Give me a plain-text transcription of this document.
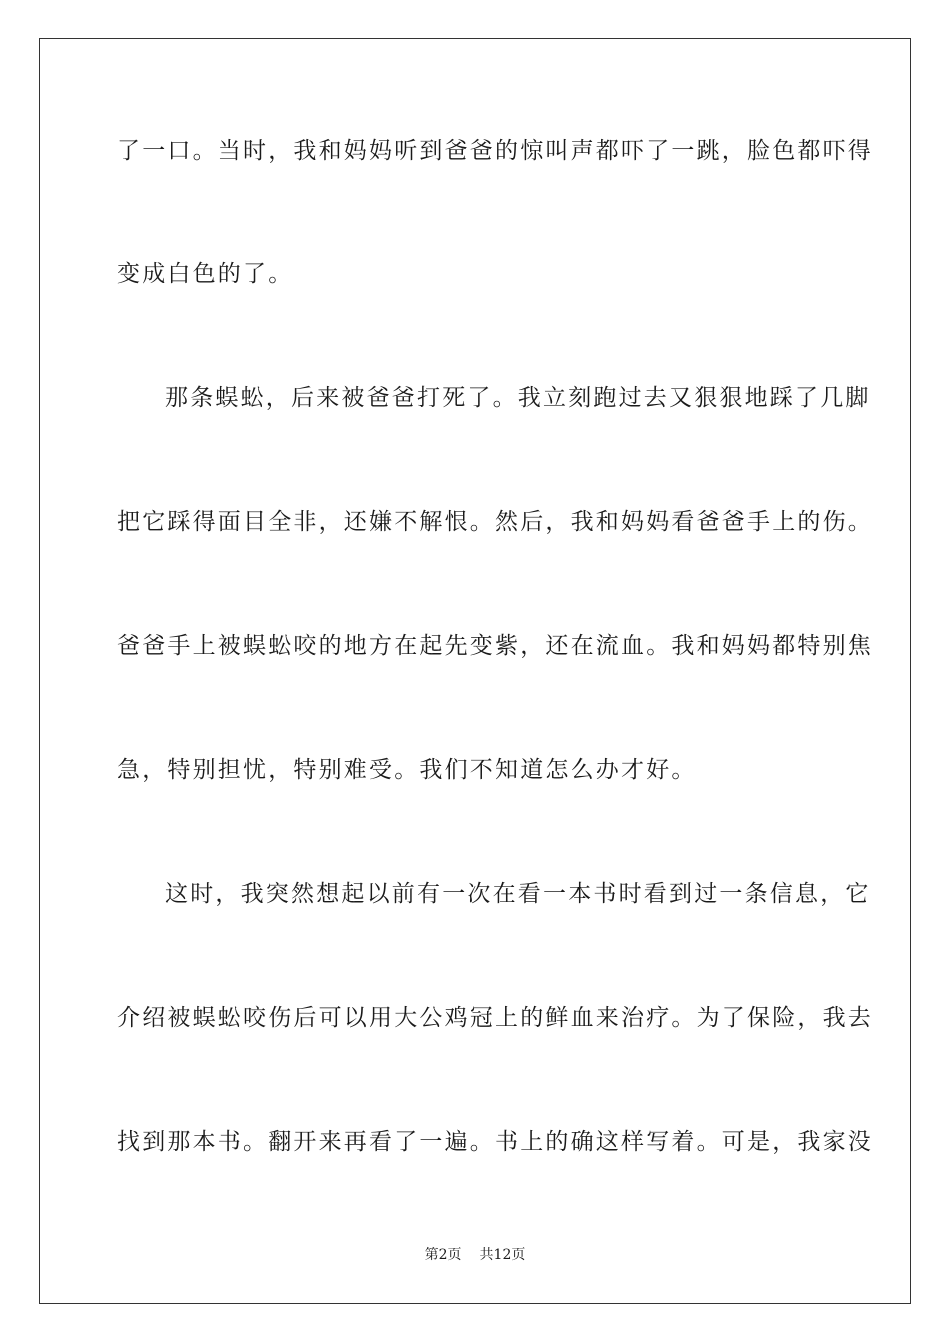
了一口。当时，我和妈妈听到爸爸的惊叫声都吓了一跳，脸色都吓得
变成白色的了。
那条蜈蚣，后来被爸爸打死了。我立刻跑过去又狠狠地踩了几脚
把它踩得面目全非，还嫌不解恨。然后，我和妈妈看爸爸手上的伤。
爸爸手上被蜈蚣咬的地方在起先变紫，还在流血。我和妈妈都特别焦
急，特别担忧，特别难受。我们不知道怎么办才好。
这时，我突然想起以前有一次在看一本书时看到过一条信息，它
介绍被蜈蚣咬伤后可以用大公鸡冠上的鲜血来治疗。为了保险，我去
找到那本书。翻开来再看了一遍。书上的确这样写着。可是，我家没
第2页 共12页
